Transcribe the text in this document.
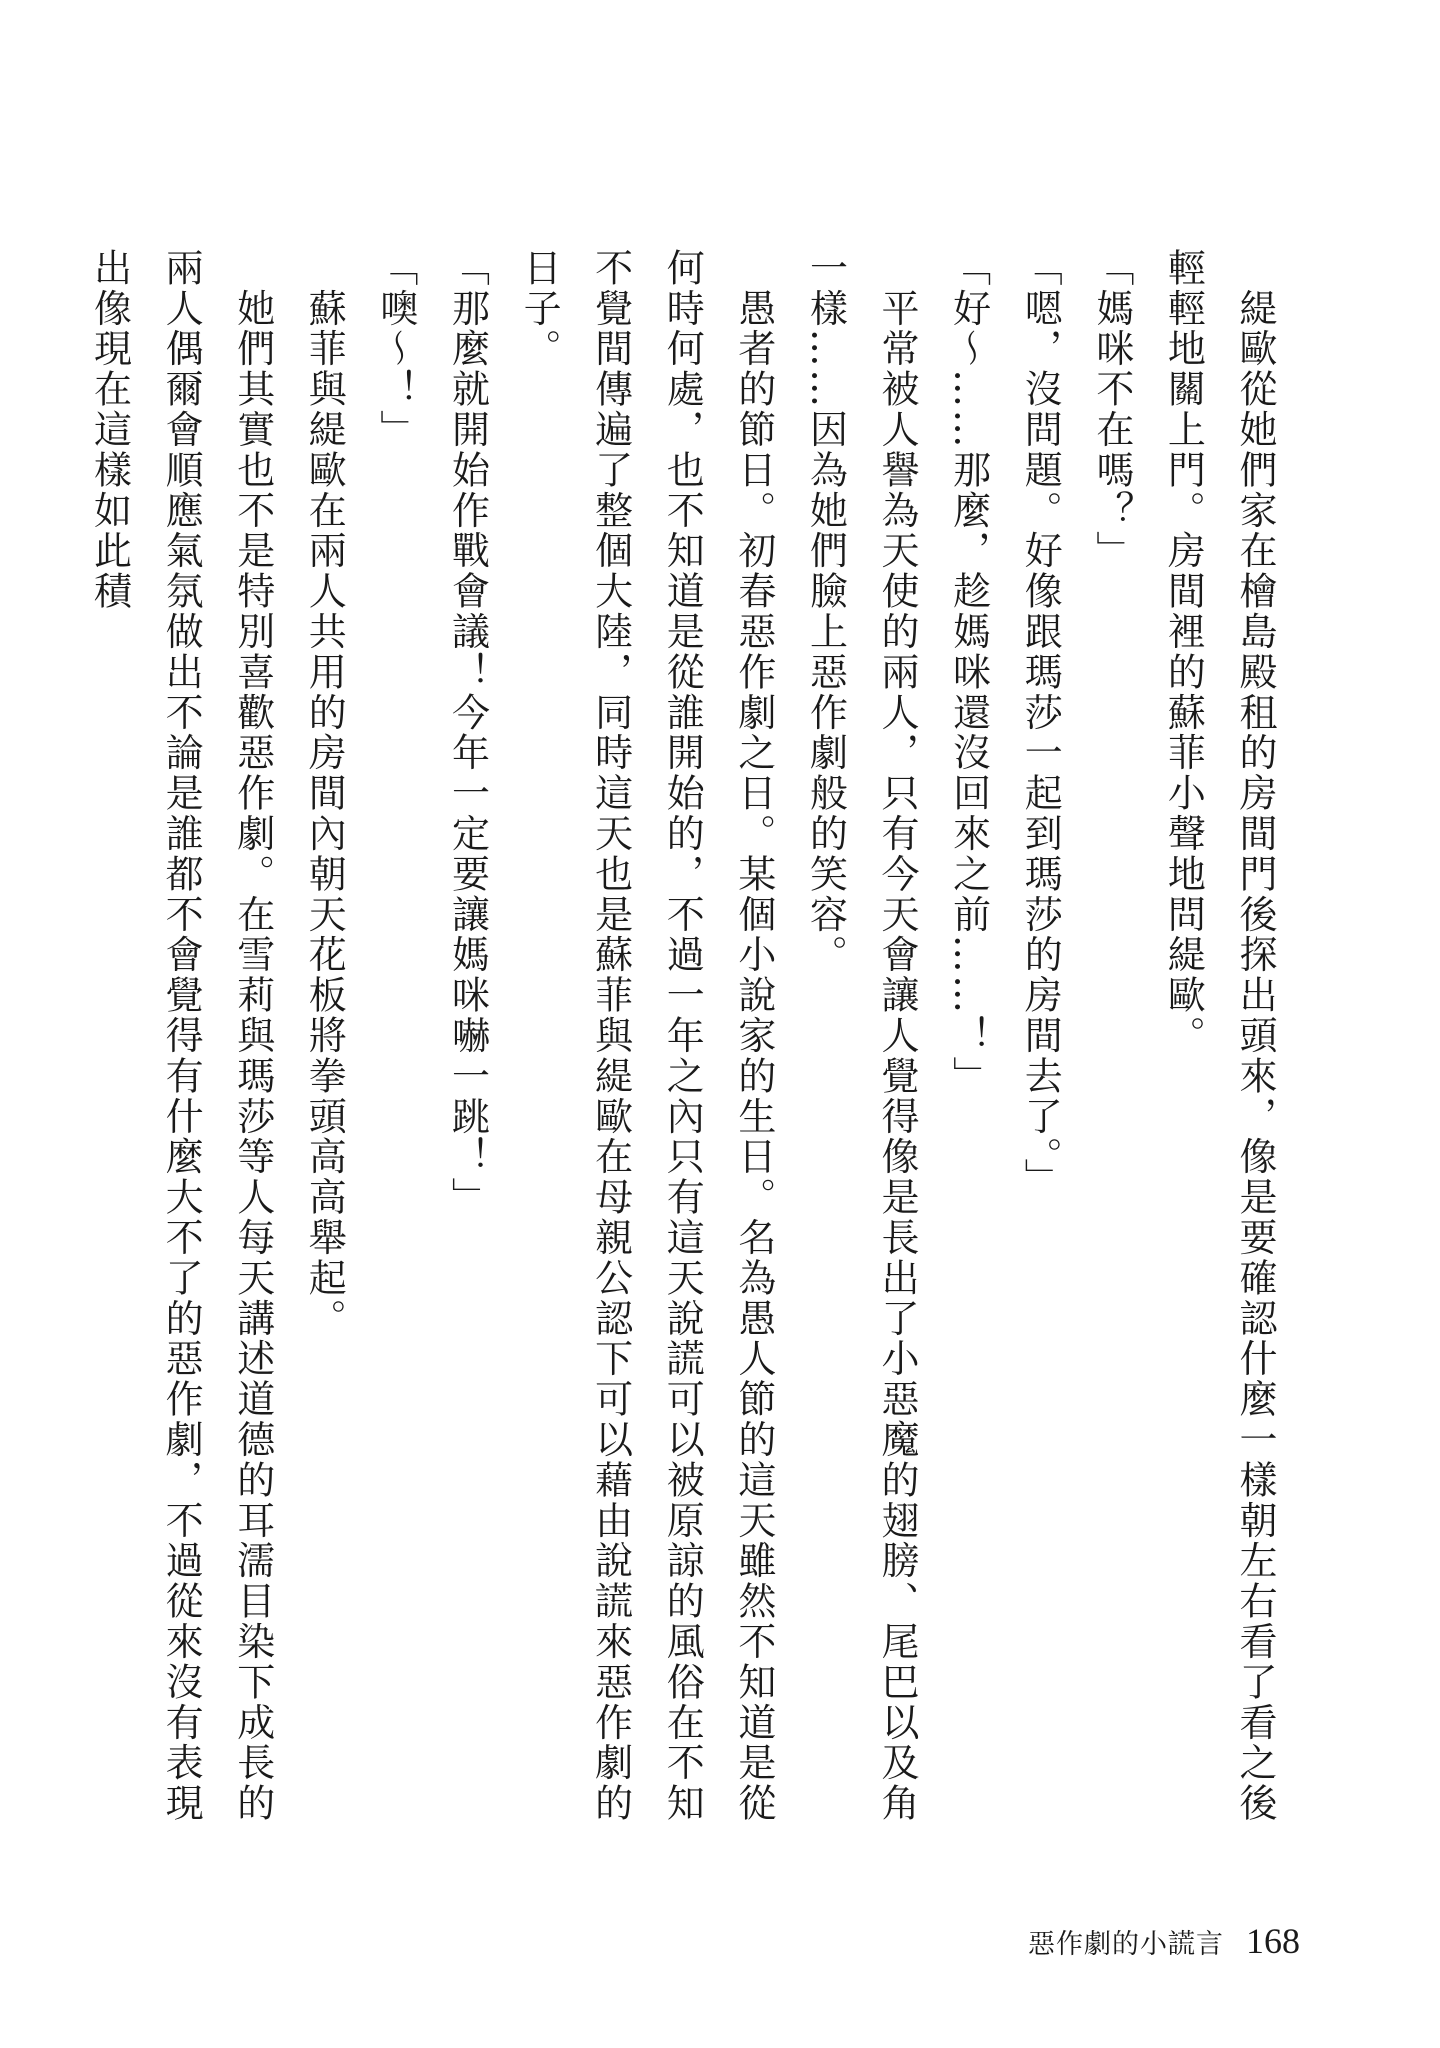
　緹歐從她們家在檜島殿租的房間門後探出頭來，像是要確認什麼一樣朝左右看了看之後輕輕地關上門。房間裡的蘇菲小聲地問緹歐。

「媽咪不在嗎？」

「嗯，沒問題。好像跟瑪莎一起到瑪莎的房間去了。」

「好～……那麼，趁媽咪還沒回來之前……！」

　平常被人譽為天使的兩人，只有今天會讓人覺得像是長出了小惡魔的翅膀、尾巴以及角一樣……因為她們臉上惡作劇般的笑容。

　愚者的節日。初春惡作劇之日。某個小說家的生日。名為愚人節的這天雖然不知道是從何時何處，也不知道是從誰開始的，不過一年之內只有這天說謊可以被原諒的風俗在不知不覺間傳遍了整個大陸，同時這天也是蘇菲與緹歐在母親公認下可以藉由說謊來惡作劇的日子。

「那麼就開始作戰會議！今年一定要讓媽咪嚇一跳！」

「噢～！」

　蘇菲與緹歐在兩人共用的房間內朝天花板將拳頭高高舉起。

　她們其實也不是特別喜歡惡作劇。在雪莉與瑪莎等人每天講述道德的耳濡目染下成長的兩人偶爾會順應氣氛做出不論是誰都不會覺得有什麼大不了的惡作劇，不過從來沒有表現出像現在這樣如此積

惡作劇的小謊言 168
